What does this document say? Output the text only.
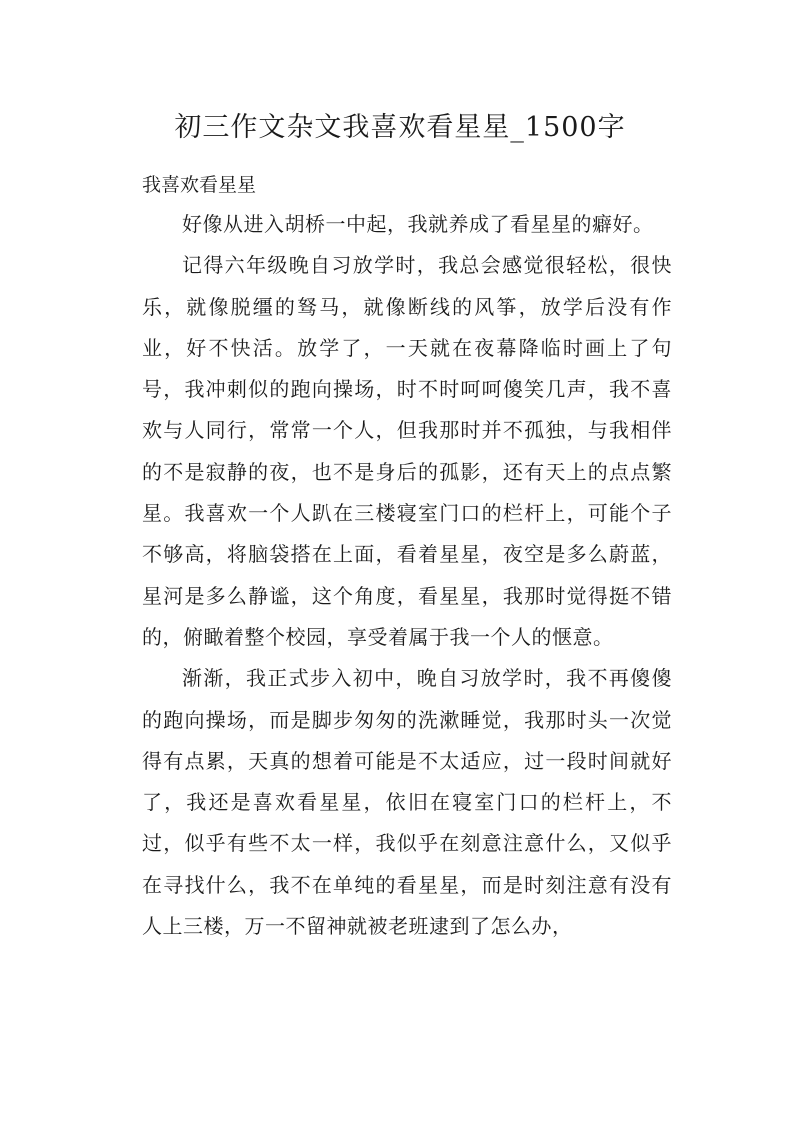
初三作文杂文我喜欢看星星_1500字
我喜欢看星星

好像从进入胡桥一中起，我就养成了看星星的癖好。

记得六年级晚自习放学时，我总会感觉很轻松，很快乐，就像脱缰的驽马，就像断线的风筝，放学后没有作业，好不快活。放学了，一天就在夜幕降临时画上了句号，我冲刺似的跑向操场，时不时呵呵傻笑几声，我不喜欢与人同行，常常一个人，但我那时并不孤独，与我相伴的不是寂静的夜，也不是身后的孤影，还有天上的点点繁星。我喜欢一个人趴在三楼寝室门口的栏杆上，可能个子不够高，将脑袋搭在上面，看着星星，夜空是多么蔚蓝，星河是多么静谧，这个角度，看星星，我那时觉得挺不错的，俯瞰着整个校园，享受着属于我一个人的惬意。

渐渐，我正式步入初中，晚自习放学时，我不再傻傻的跑向操场，而是脚步匆匆的洗漱睡觉，我那时头一次觉得有点累，天真的想着可能是不太适应，过一段时间就好了，我还是喜欢看星星，依旧在寝室门口的栏杆上，不过，似乎有些不太一样，我似乎在刻意注意什么，又似乎在寻找什么，我不在单纯的看星星，而是时刻注意有没有人上三楼，万一不留神就被老班逮到了怎么办，
